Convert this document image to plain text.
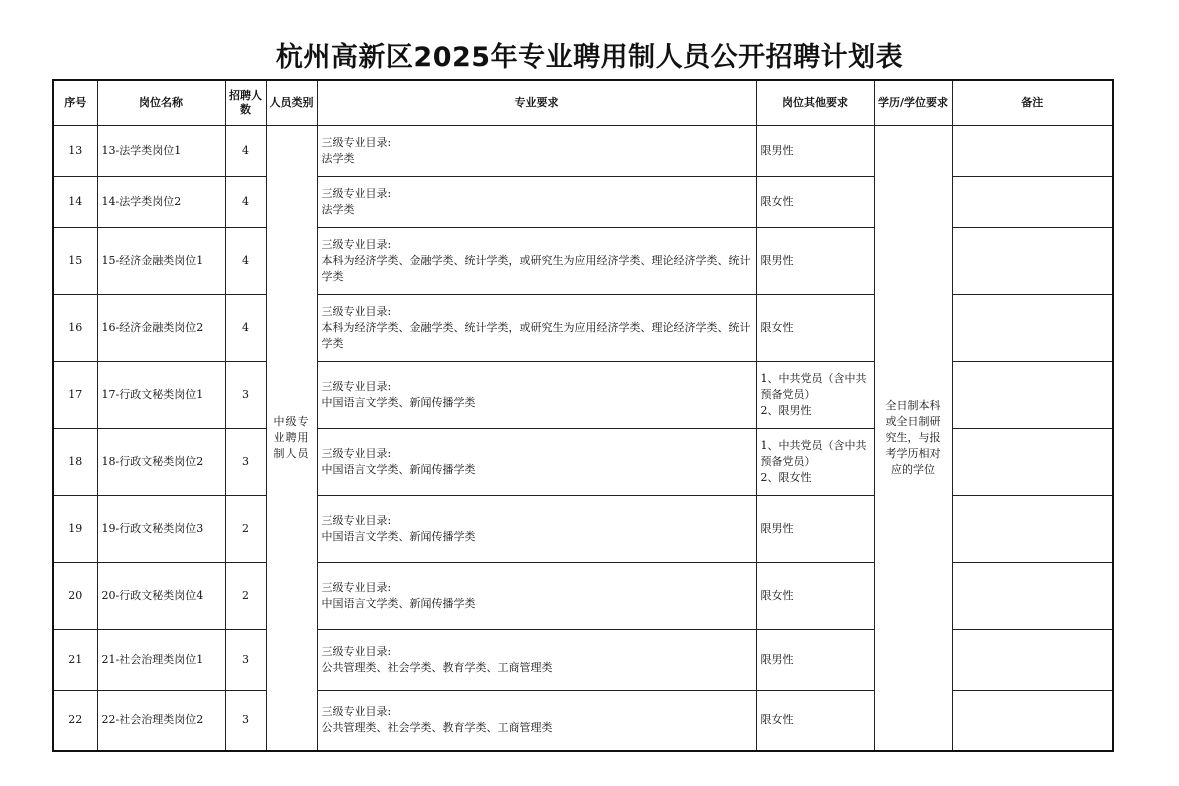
杭州高新区2025年专业聘用制人员公开招聘计划表
序号	岗位名称	招聘人数	人员类别	专业要求	岗位其他要求	学历/学位要求	备注
13	13-法学类岗位1	4	中级专业聘用制人员	三级专业目录:
法学类	限男性	全日制本科或全日制研究生，与报考学历相对应的学位	
14	14-法学类岗位2	4		三级专业目录:
法学类	限女性		
15	15-经济金融类岗位1	4		三级专业目录:
本科为经济学类、金融学类、统计学类，或研究生为应用经济学类、理论经济学类、统计学类	限男性		
16	16-经济金融类岗位2	4		三级专业目录:
本科为经济学类、金融学类、统计学类，或研究生为应用经济学类、理论经济学类、统计学类	限女性		
17	17-行政文秘类岗位1	3		三级专业目录:
中国语言文学类、新闻传播学类	1、中共党员（含中共预备党员）
2、限男性		
18	18-行政文秘类岗位2	3		三级专业目录:
中国语言文学类、新闻传播学类	1、中共党员（含中共预备党员）
2、限女性		
19	19-行政文秘类岗位3	2		三级专业目录:
中国语言文学类、新闻传播学类	限男性		
20	20-行政文秘类岗位4	2		三级专业目录:
中国语言文学类、新闻传播学类	限女性		
21	21-社会治理类岗位1	3		三级专业目录:
公共管理类、社会学类、教育学类、工商管理类	限男性		
22	22-社会治理类岗位2	3		三级专业目录:
公共管理类、社会学类、教育学类、工商管理类	限女性		
